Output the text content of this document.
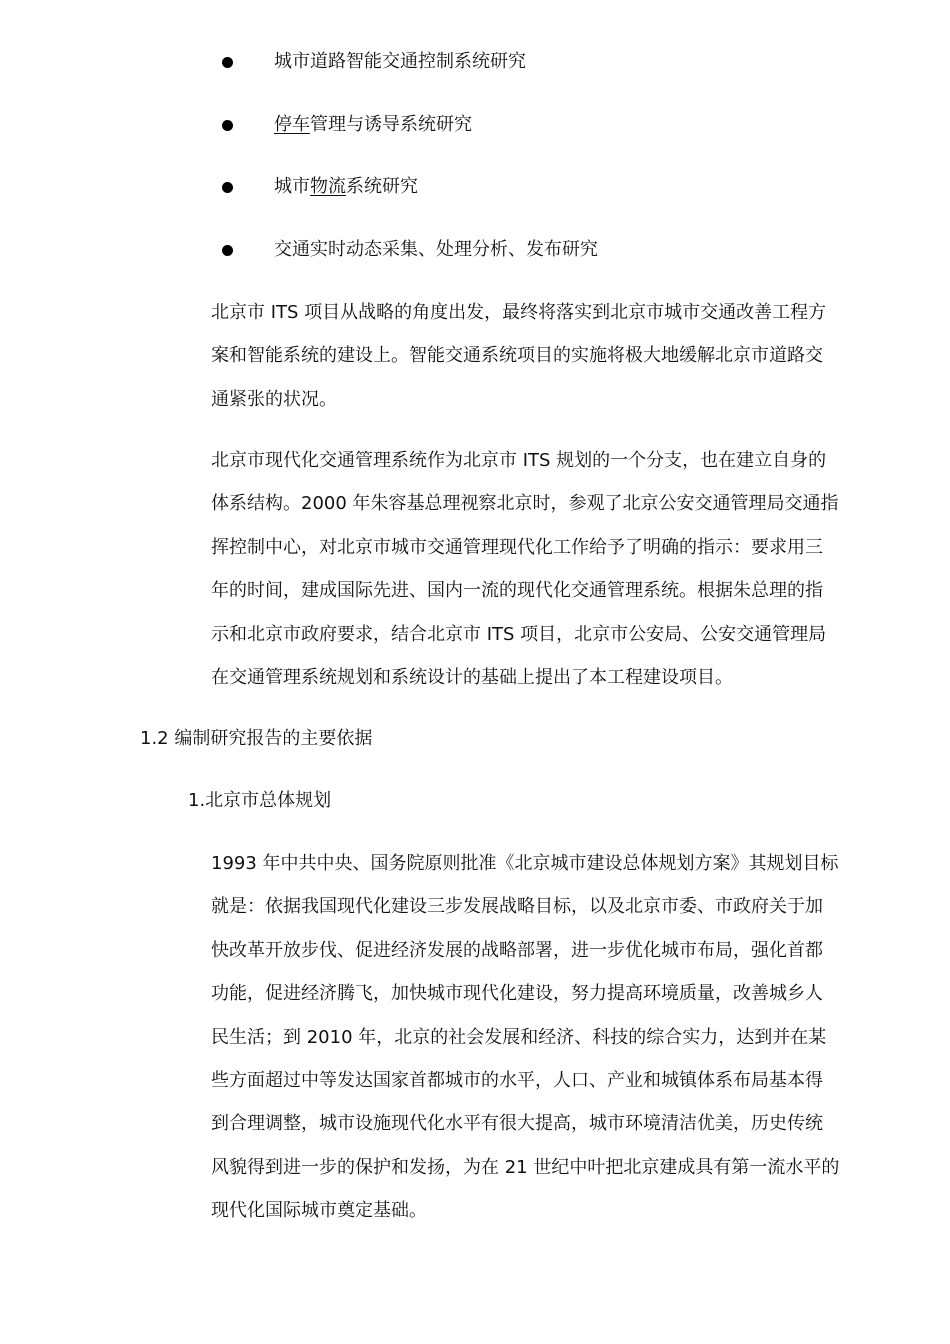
城市道路智能交通控制系统研究
停车管理与诱导系统研究
城市物流系统研究
交通实时动态采集、处理分析、发布研究

北京市 ITS 项目从战略的角度出发，最终将落实到北京市城市交通改善工程方
案和智能系统的建设上。智能交通系统项目的实施将极大地缓解北京市道路交
通紧张的状况。

北京市现代化交通管理系统作为北京市 ITS 规划的一个分支，也在建立自身的
体系结构。2000 年朱容基总理视察北京时，参观了北京公安交通管理局交通指
挥控制中心，对北京市城市交通管理现代化工作给予了明确的指示：要求用三
年的时间，建成国际先进、国内一流的现代化交通管理系统。根据朱总理的指
示和北京市政府要求，结合北京市 ITS 项目，北京市公安局、公安交通管理局
在交通管理系统规划和系统设计的基础上提出了本工程建设项目。

1.2 编制研究报告的主要依据
1.北京市总体规划

1993 年中共中央、国务院原则批准《北京城市建设总体规划方案》其规划目标
就是：依据我国现代化建设三步发展战略目标，以及北京市委、市政府关于加
快改革开放步伐、促进经济发展的战略部署，进一步优化城市布局，强化首都
功能，促进经济腾飞，加快城市现代化建设，努力提高环境质量，改善城乡人
民生活；到 2010 年，北京的社会发展和经济、科技的综合实力，达到并在某
些方面超过中等发达国家首都城市的水平，人口、产业和城镇体系布局基本得
到合理调整，城市设施现代化水平有很大提高，城市环境清洁优美，历史传统
风貌得到进一步的保护和发扬，为在 21 世纪中叶把北京建成具有第一流水平的
现代化国际城市奠定基础。
